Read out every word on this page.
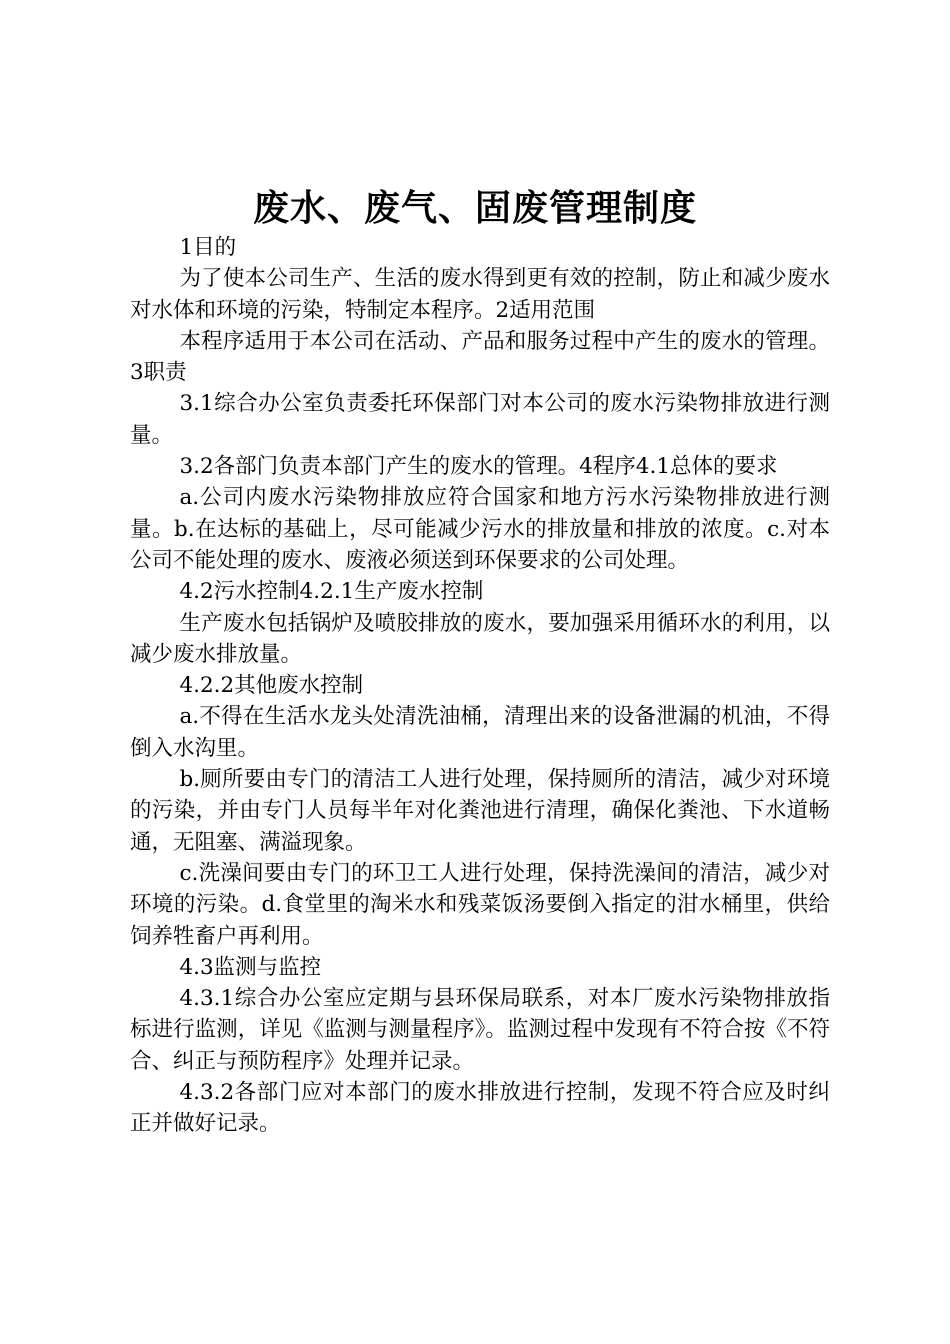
废水、废气、固废管理制度

1目的

为了使本公司生产、生活的废水得到更有效的控制，防止和减少废水对水体和环境的污染，特制定本程序。2适用范围

本程序适用于本公司在活动、产品和服务过程中产生的废水的管理。3职责

3.1综合办公室负责委托环保部门对本公司的废水污染物排放进行测量。

3.2各部门负责本部门产生的废水的管理。4程序4.1总体的要求

a.公司内废水污染物排放应符合国家和地方污水污染物排放进行测量。b.在达标的基础上，尽可能减少污水的排放量和排放的浓度。c.对本公司不能处理的废水、废液必须送到环保要求的公司处理。

4.2污水控制4.2.1生产废水控制

生产废水包括锅炉及喷胶排放的废水，要加强采用循环水的利用，以减少废水排放量。

4.2.2其他废水控制

a.不得在生活水龙头处清洗油桶，清理出来的设备泄漏的机油，不得倒入水沟里。

b.厕所要由专门的清洁工人进行处理，保持厕所的清洁，减少对环境的污染，并由专门人员每半年对化粪池进行清理，确保化粪池、下水道畅通，无阻塞、满溢现象。

c.洗澡间要由专门的环卫工人进行处理，保持洗澡间的清洁，减少对环境的污染。d.食堂里的淘米水和残菜饭汤要倒入指定的泔水桶里，供给饲养牲畜户再利用。

4.3监测与监控

4.3.1综合办公室应定期与县环保局联系，对本厂废水污染物排放指标进行监测，详见《监测与测量程序》。监测过程中发现有不符合按《不符合、纠正与预防程序》处理并记录。

4.3.2各部门应对本部门的废水排放进行控制，发现不符合应及时纠正并做好记录。
